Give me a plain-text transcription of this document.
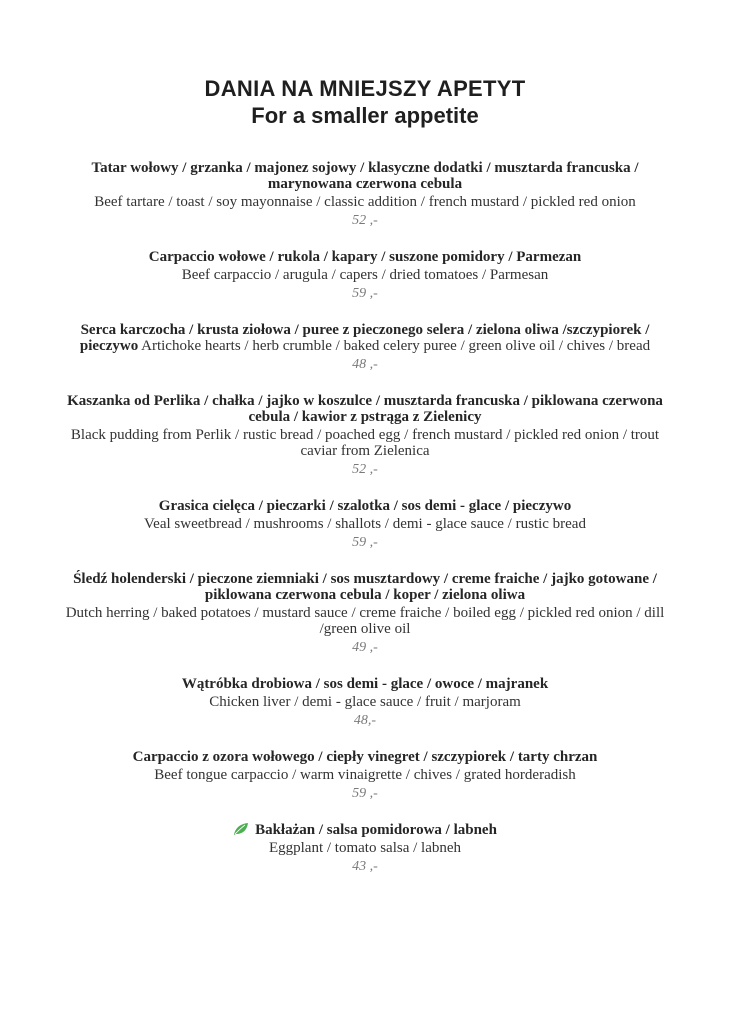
DANIA NA MNIEJSZY APETYT
For a smaller appetite
Tatar wołowy / grzanka / majonez sojowy / klasyczne dodatki / musztarda francuska / marynowana czerwona cebula
Beef tartare / toast / soy mayonnaise / classic addition / french mustard / pickled red onion
52 ,-
Carpaccio wołowe / rukola / kapary / suszone pomidory / Parmezan
Beef carpaccio / arugula / capers / dried tomatoes / Parmesan
59 ,-
Serca karczocha / krusta ziołowa / puree z pieczonego selera / zielona oliwa /szczypiorek / pieczywo Artichoke hearts / herb crumble / baked celery puree / green olive oil / chives / bread
48 ,-
Kaszanka od Perlika / chałka / jajko w koszulce / musztarda francuska / piklowana czerwona cebula / kawior z pstrąga z Zielenicy
Black pudding from Perlik / rustic bread / poached egg / french mustard / pickled red onion / trout caviar from Zielenica
52 ,-
Grasica cielęca / pieczarki / szalotka / sos demi - glace / pieczywo
Veal sweetbread / mushrooms / shallots / demi - glace sauce / rustic bread
59 ,-
Śledź holenderski / pieczone ziemniaki / sos musztardowy / creme fraiche / jajko gotowane / piklowana czerwona cebula / koper / zielona oliwa
Dutch herring / baked potatoes / mustard sauce / creme fraiche / boiled egg / pickled red onion / dill /green olive oil
49 ,-
Wątróbka drobiowa / sos demi - glace / owoce / majranek
Chicken liver / demi - glace sauce / fruit / marjoram
48,-
Carpaccio z ozora wołowego / ciepły vinegret / szczypiorek / tarty chrzan
Beef tongue carpaccio / warm vinaigrette / chives / grated horderadish
59 ,-
Bakłażan / salsa pomidorowa / labneh
Eggplant / tomato salsa / labneh
43 ,-
